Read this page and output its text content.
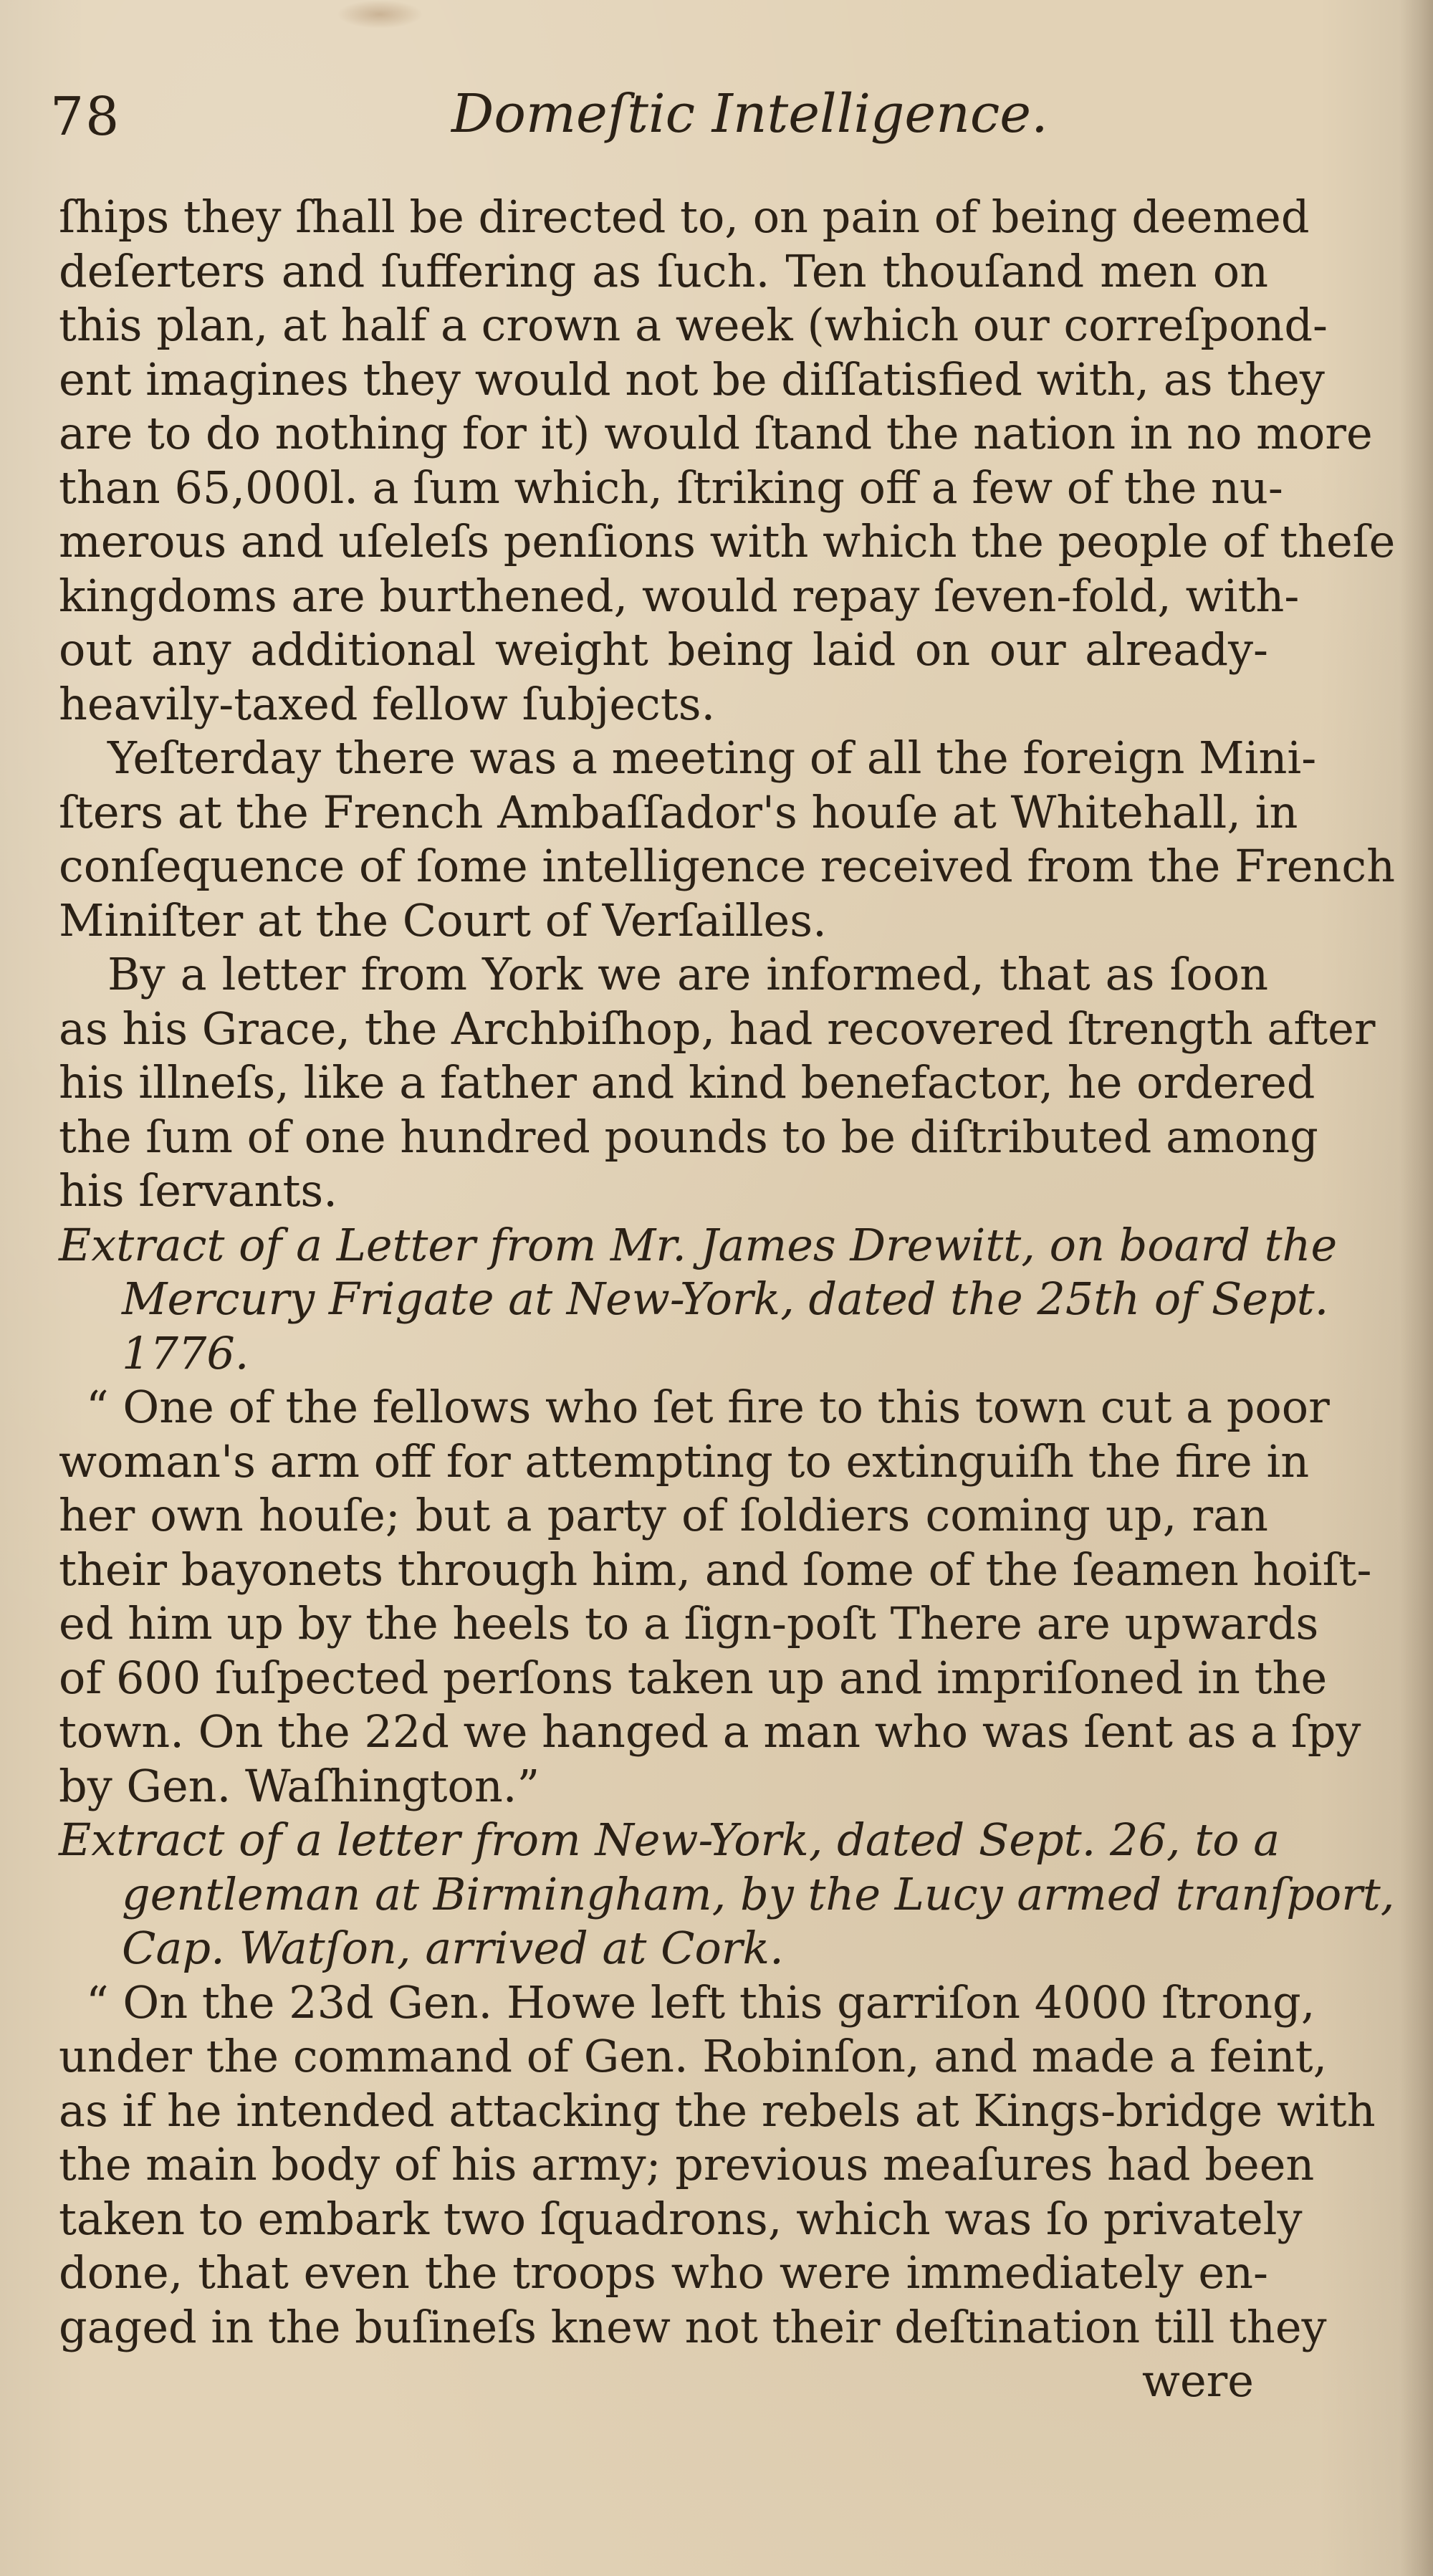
78	Domeſtic Intelligence.
ſhips they ſhall be directed to, on pain of being deemed
deſerters and ſuffering as ſuch. Ten thouſand men on
this plan, at half a crown a week (which our correſpond-
ent imagines they would not be diſſatisfied with, as they
are to do nothing for it) would ſtand the nation in no more
than 65,000l. a ſum which, ſtriking off a few of the nu-
merous and uſeleſs penſions with which the people of theſe
kingdoms are burthened, would repay ſeven-fold, with-
out any additional weight being laid on our already-
heavily-taxed fellow ſubjects.
Yeſterday there was a meeting of all the foreign Mini-
ſters at the French Ambaſſador's houſe at Whitehall, in
conſequence of ſome intelligence received from the French
Miniſter at the Court of Verſailles.
By a letter from York we are informed, that as ſoon
as his Grace, the Archbiſhop, had recovered ſtrength after
his illneſs, like a father and kind benefactor, he ordered
the ſum of one hundred pounds to be diſtributed among
his ſervants.
Extract of a Letter from Mr. James Drewitt, on board the
Mercury Frigate at New-York, dated the 25th of Sept.
1776.
“ One of the fellows who ſet fire to this town cut a poor
woman's arm off for attempting to extinguiſh the fire in
her own houſe; but a party of ſoldiers coming up, ran
their bayonets through him, and ſome of the ſeamen hoiſt-
ed him up by the heels to a ſign-poſt There are upwards
of 600 ſuſpected perſons taken up and impriſoned in the
town. On the 22d we hanged a man who was ſent as a ſpy
by Gen. Waſhington.”
Extract of a letter from New-York, dated Sept. 26, to a
gentleman at Birmingham, by the Lucy armed tranſport,
Cap. Watſon, arrived at Cork.
“ On the 23d Gen. Howe left this garriſon 4000 ſtrong,
under the command of Gen. Robinſon, and made a feint,
as if he intended attacking the rebels at Kings-bridge with
the main body of his army; previous meaſures had been
taken to embark two ſquadrons, which was ſo privately
done, that even the troops who were immediately en-
gaged in the buſineſs knew not their deſtination till they
were
